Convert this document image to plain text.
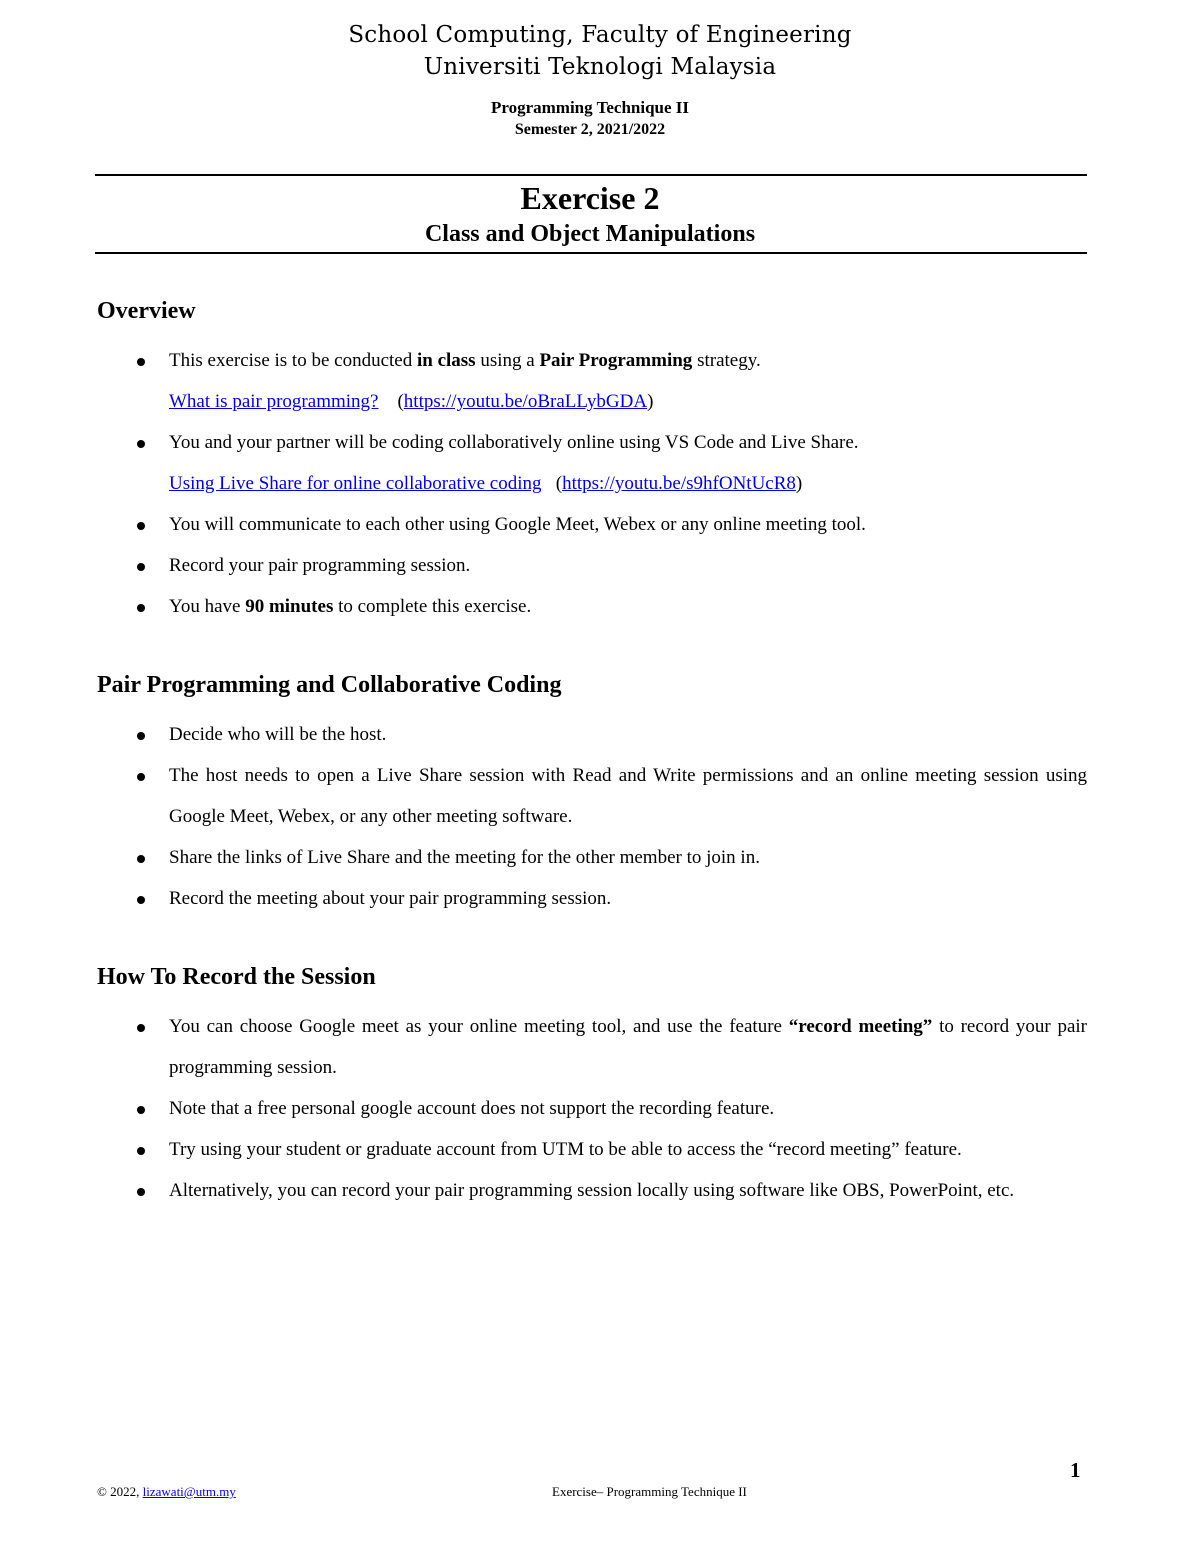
School Computing, Faculty of Engineering
Universiti Teknologi Malaysia
Programming Technique II
Semester 2, 2021/2022
Exercise 2
Class and Object Manipulations
Overview
This exercise is to be conducted in class using a Pair Programming strategy.
What is pair programming?    (https://youtu.be/oBraLLybGDA)
You and your partner will be coding collaboratively online using VS Code and Live Share.
Using Live Share for online collaborative coding   (https://youtu.be/s9hfONtUcR8)
You will communicate to each other using Google Meet, Webex or any online meeting tool.
Record your pair programming session.
You have 90 minutes to complete this exercise.
Pair Programming and Collaborative Coding
Decide who will be the host.
The host needs to open a Live Share session with Read and Write permissions and an online meeting session using Google Meet, Webex, or any other meeting software.
Share the links of Live Share and the meeting for the other member to join in.
Record the meeting about your pair programming session.
How To Record the Session
You can choose Google meet as your online meeting tool, and use the feature “record meeting” to record your pair programming session.
Note that a free personal google account does not support the recording feature.
Try using your student or graduate account from UTM to be able to access the “record meeting” feature.
Alternatively, you can record your pair programming session locally using software like OBS, PowerPoint, etc.
1
© 2022, lizawati@utm.my	Exercise– Programming Technique II
